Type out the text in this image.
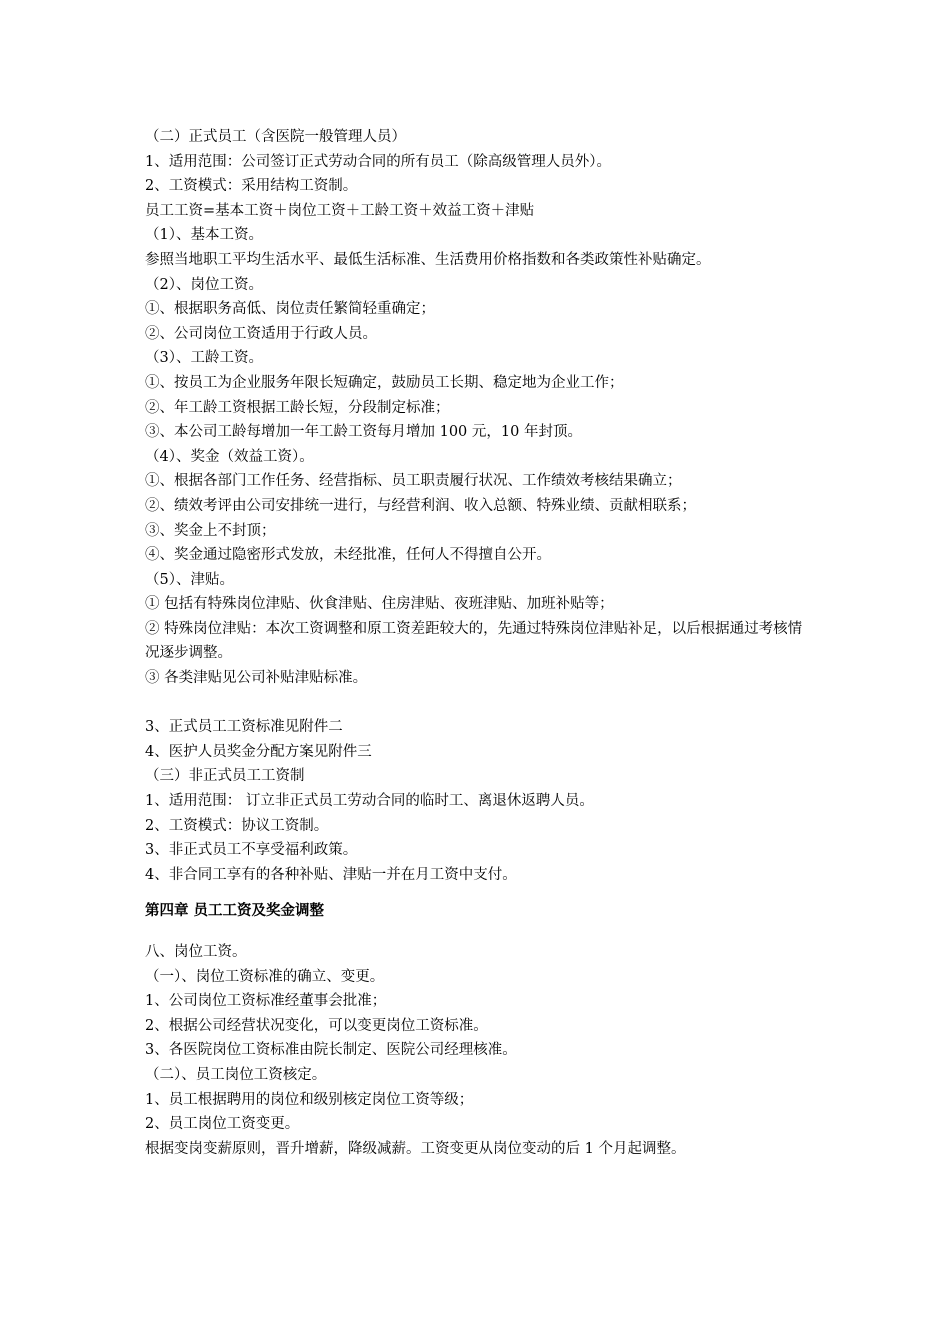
（二）正式员工（含医院一般管理人员）
1、适用范围：公司签订正式劳动合同的所有员工（除高级管理人员外）。
2、工资模式：采用结构工资制。
员工工资=基本工资＋岗位工资＋工龄工资＋效益工资＋津贴
（1）、基本工资。
参照当地职工平均生活水平、最低生活标准、生活费用价格指数和各类政策性补贴确定。
（2）、岗位工资。
①、根据职务高低、岗位责任繁简轻重确定；
②、公司岗位工资适用于行政人员。
（3）、工龄工资。
①、按员工为企业服务年限长短确定，鼓励员工长期、稳定地为企业工作；
②、年工龄工资根据工龄长短，分段制定标准；
③、本公司工龄每增加一年工龄工资每月增加 100 元，10 年封顶。
（4）、奖金（效益工资）。
①、根据各部门工作任务、经营指标、员工职责履行状况、工作绩效考核结果确立；
②、绩效考评由公司安排统一进行，与经营利润、收入总额、特殊业绩、贡献相联系；
③、奖金上不封顶；
④、奖金通过隐密形式发放，未经批准，任何人不得擅自公开。
（5）、津贴。
① 包括有特殊岗位津贴、伙食津贴、住房津贴、夜班津贴、加班补贴等；
② 特殊岗位津贴：本次工资调整和原工资差距较大的，先通过特殊岗位津贴补足，以后根据通过考核情况逐步调整。
③ 各类津贴见公司补贴津贴标准。
3、正式员工工资标准见附件二
4、医护人员奖金分配方案见附件三
（三）非正式员工工资制
1、适用范围： 订立非正式员工劳动合同的临时工、离退休返聘人员。
2、工资模式：协议工资制。
3、非正式员工不享受福利政策。
4、非合同工享有的各种补贴、津贴一并在月工资中支付。
第四章 员工工资及奖金调整
八、岗位工资。
（一）、岗位工资标准的确立、变更。
1、公司岗位工资标准经董事会批准；
2、根据公司经营状况变化，可以变更岗位工资标准。
3、各医院岗位工资标准由院长制定、医院公司经理核准。
（二）、员工岗位工资核定。
1、员工根据聘用的岗位和级别核定岗位工资等级；
2、员工岗位工资变更。
根据变岗变薪原则，晋升增薪，降级减薪。工资变更从岗位变动的后 1 个月起调整。
